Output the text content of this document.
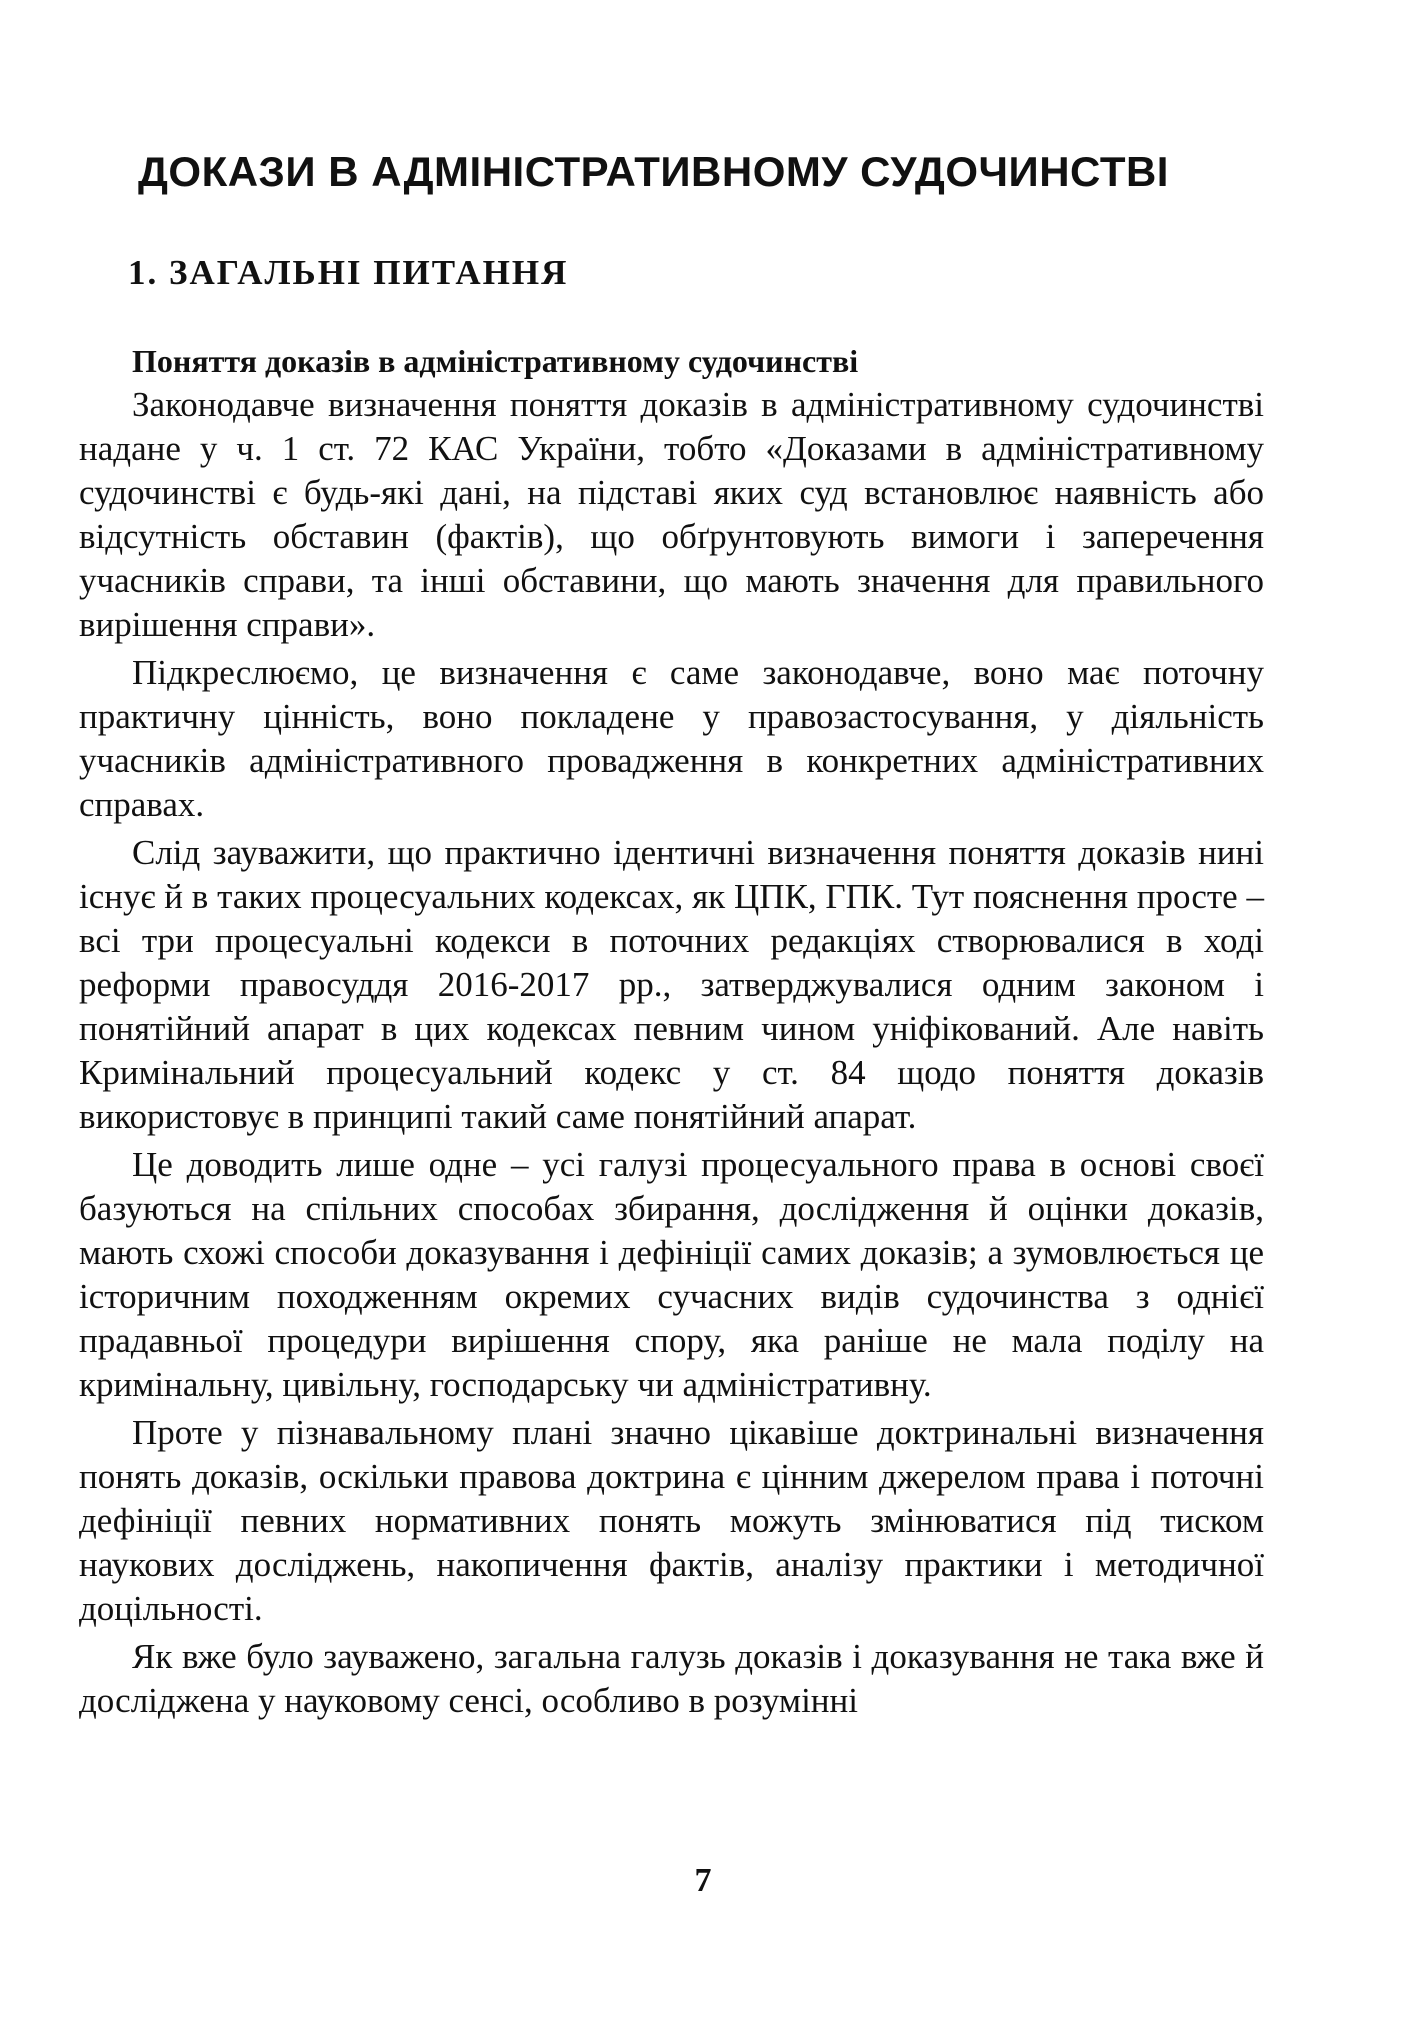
ДОКАЗИ В АДМІНІСТРАТИВНОМУ СУДОЧИНСТВІ
1. ЗАГАЛЬНІ ПИТАННЯ
Поняття доказів в адміністративному судочинстві

Законодавче визначення поняття доказів в адміністративному судочинстві надане у ч. 1 ст. 72 КАС України, тобто «Доказами в адміністративному судочинстві є будь-які дані, на підставі яких суд встановлює наявність або відсутність обставин (фактів), що обґрунтовують вимоги і заперечення учасників справи, та інші обставини, що мають значення для правильного вирішення справи».

Підкреслюємо, це визначення є саме законодавче, воно має поточну практичну цінність, воно покладене у правозастосування, у діяльність учасників адміністративного провадження в конкретних адміністративних справах.

Слід зауважити, що практично ідентичні визначення поняття доказів нині існує й в таких процесуальних кодексах, як ЦПК, ГПК. Тут пояснення просте – всі три процесуальні кодекси в поточних редакціях створювалися в ході реформи правосуддя 2016-2017 рр., затверджувалися одним законом і понятійний апарат в цих кодексах певним чином уніфікований. Але навіть Кримінальний процесуальний кодекс у ст. 84 щодо поняття доказів використовує в принципі такий саме понятійний апарат.

Це доводить лише одне – усі галузі процесуального права в основі своєї базуються на спільних способах збирання, дослідження й оцінки доказів, мають схожі способи доказування і дефініції самих доказів; а зумовлюється це історичним походженням окремих сучасних видів судочинства з однієї прадавньої процедури вирішення спору, яка раніше не мала поділу на кримінальну, цивільну, господарську чи адміністративну.

Проте у пізнавальному плані значно цікавіше доктринальні визначення понять доказів, оскільки правова доктрина є цінним джерелом права і поточні дефініції певних нормативних понять можуть змінюватися під тиском наукових досліджень, накопичення фактів, аналізу практики і методичної доцільності.

Як вже було зауважено, загальна галузь доказів і доказування не така вже й досліджена у науковому сенсі, особливо в розумінні

7
